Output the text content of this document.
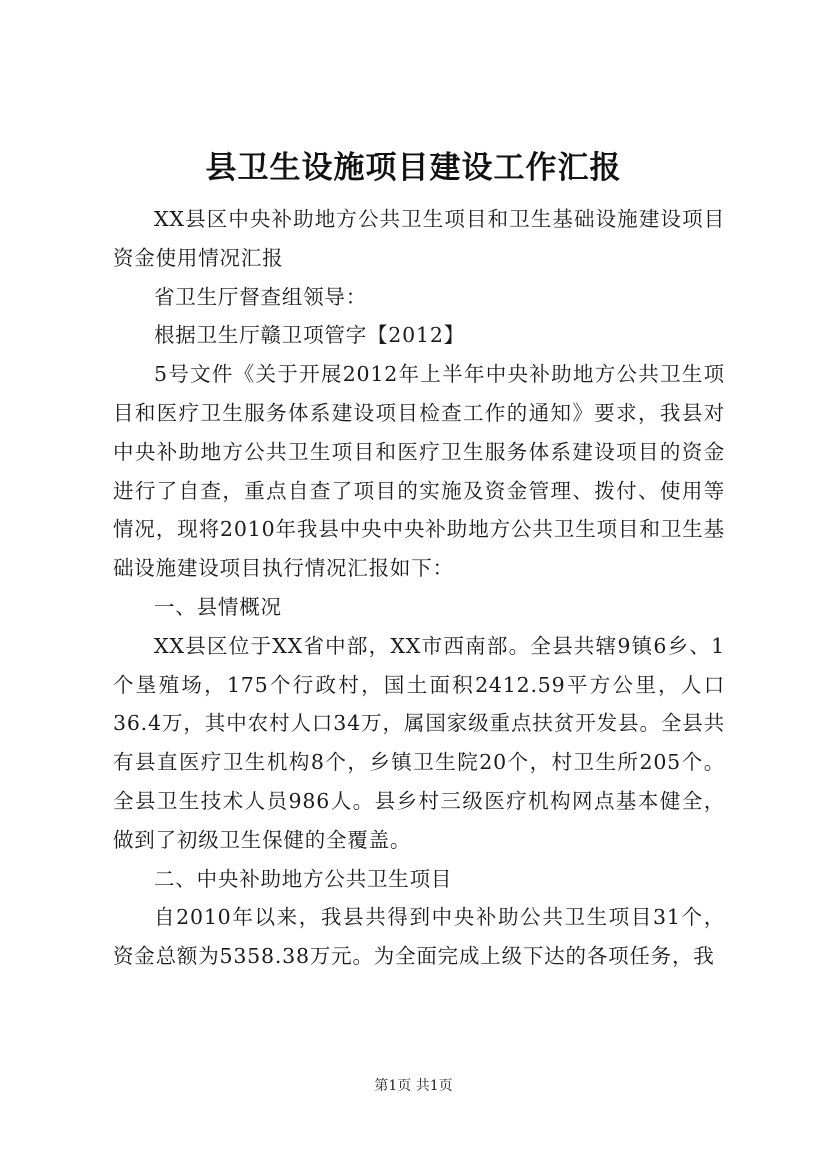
县卫生设施项目建设工作汇报

XX县区中央补助地方公共卫生项目和卫生基础设施建设项目资金使用情况汇报

省卫生厅督查组领导：

根据卫生厅赣卫项管字【2012】

5号文件《关于开展2012年上半年中央补助地方公共卫生项目和医疗卫生服务体系建设项目检查工作的通知》要求，我县对中央补助地方公共卫生项目和医疗卫生服务体系建设项目的资金进行了自查，重点自查了项目的实施及资金管理、拨付、使用等情况，现将2010年我县中央中央补助地方公共卫生项目和卫生基础设施建设项目执行情况汇报如下：

一、县情概况

XX县区位于XX省中部，XX市西南部。全县共辖9镇6乡、1个垦殖场，175个行政村，国土面积2412.59平方公里，人口36.4万，其中农村人口34万，属国家级重点扶贫开发县。全县共有县直医疗卫生机构8个，乡镇卫生院20个，村卫生所205个。全县卫生技术人员986人。县乡村三级医疗机构网点基本健全，做到了初级卫生保健的全覆盖。

二、中央补助地方公共卫生项目

自2010年以来，我县共得到中央补助公共卫生项目31个，资金总额为5358.38万元。为全面完成上级下达的各项任务，我

第1页 共1页
